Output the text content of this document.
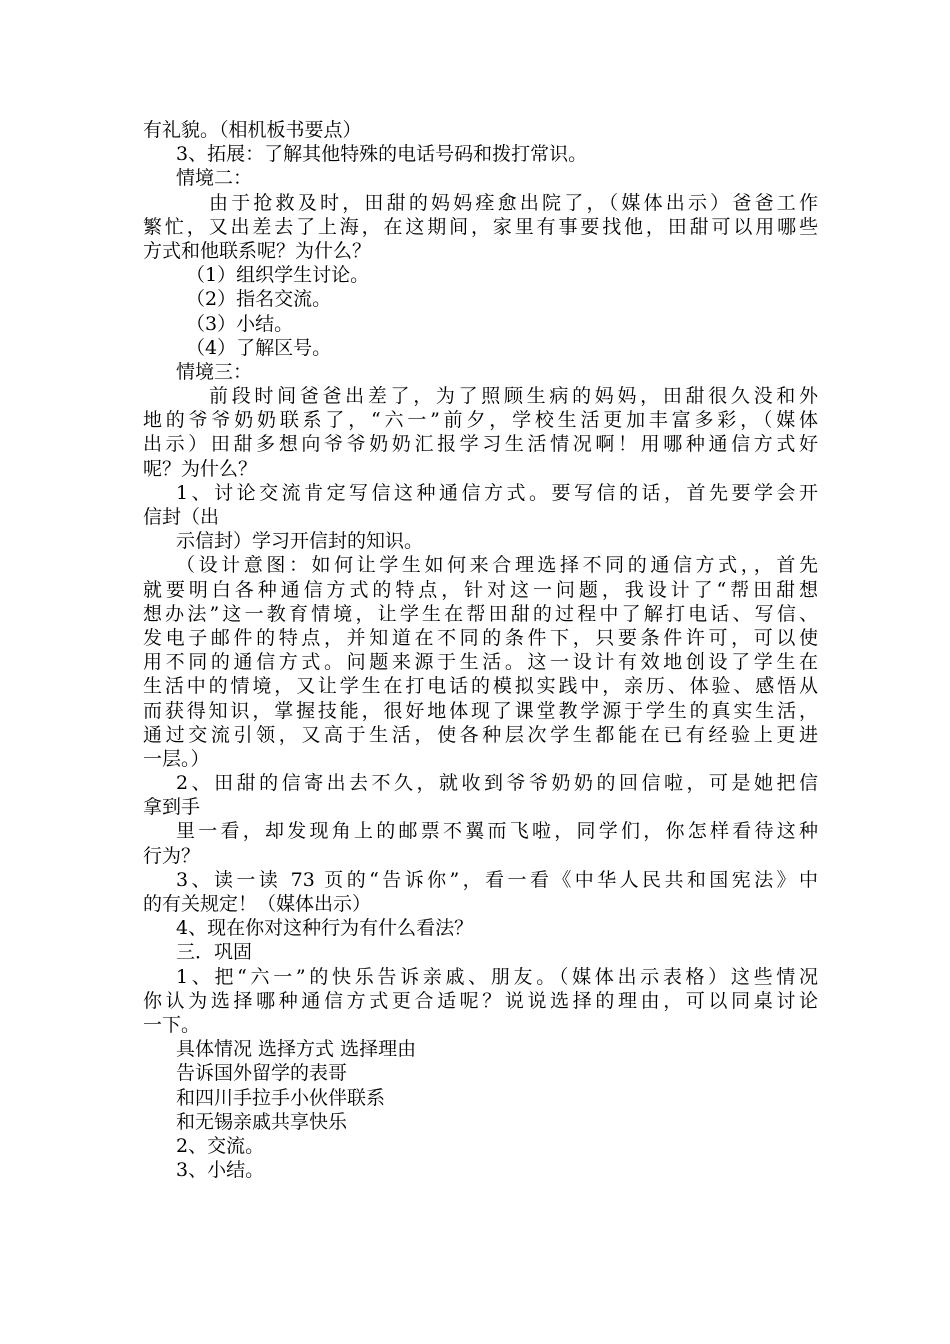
有礼貌。（相机板书要点）
3、拓展：了解其他特殊的电话号码和拨打常识。
情境二：
由于抢救及时，田甜的妈妈痊愈出院了，（媒体出示）爸爸工作
繁忙，又出差去了上海，在这期间，家里有事要找他，田甜可以用哪些
方式和他联系呢？为什么？
（1）组织学生讨论。
（2）指名交流。
（3）小结。
（4）了解区号。
情境三：
前段时间爸爸出差了，为了照顾生病的妈妈，田甜很久没和外
地的爷爷奶奶联系了，“六一”前夕，学校生活更加丰富多彩，（媒体
出示）田甜多想向爷爷奶奶汇报学习生活情况啊！用哪种通信方式好
呢？为什么？
1、讨论交流肯定写信这种通信方式。要写信的话，首先要学会开
信封（出
示信封）学习开信封的知识。
（设计意图：如何让学生如何来合理选择不同的通信方式，，首先
就要明白各种通信方式的特点，针对这一问题，我设计了“帮田甜想
想办法”这一教育情境，让学生在帮田甜的过程中了解打电话、写信、
发电子邮件的特点，并知道在不同的条件下，只要条件许可，可以使
用不同的通信方式。问题来源于生活。这一设计有效地创设了学生在
生活中的情境，又让学生在打电话的模拟实践中，亲历、体验、感悟从
而获得知识，掌握技能，很好地体现了课堂教学源于学生的真实生活，
通过交流引领，又高于生活，使各种层次学生都能在已有经验上更进
一层。）
2、田甜的信寄出去不久，就收到爷爷奶奶的回信啦，可是她把信
拿到手
里一看，却发现角上的邮票不翼而飞啦，同学们，你怎样看待这种
行为？
3、读一读 73 页的“告诉你”，看一看《中华人民共和国宪法》中
的有关规定！（媒体出示）
4、现在你对这种行为有什么看法？
三．巩固
1、把“六一”的快乐告诉亲戚、朋友。（媒体出示表格）这些情况
你认为选择哪种通信方式更合适呢？说说选择的理由，可以同桌讨论
一下。
具体情况 选择方式 选择理由
告诉国外留学的表哥
和四川手拉手小伙伴联系
和无锡亲戚共享快乐
2、交流。
3、小结。
